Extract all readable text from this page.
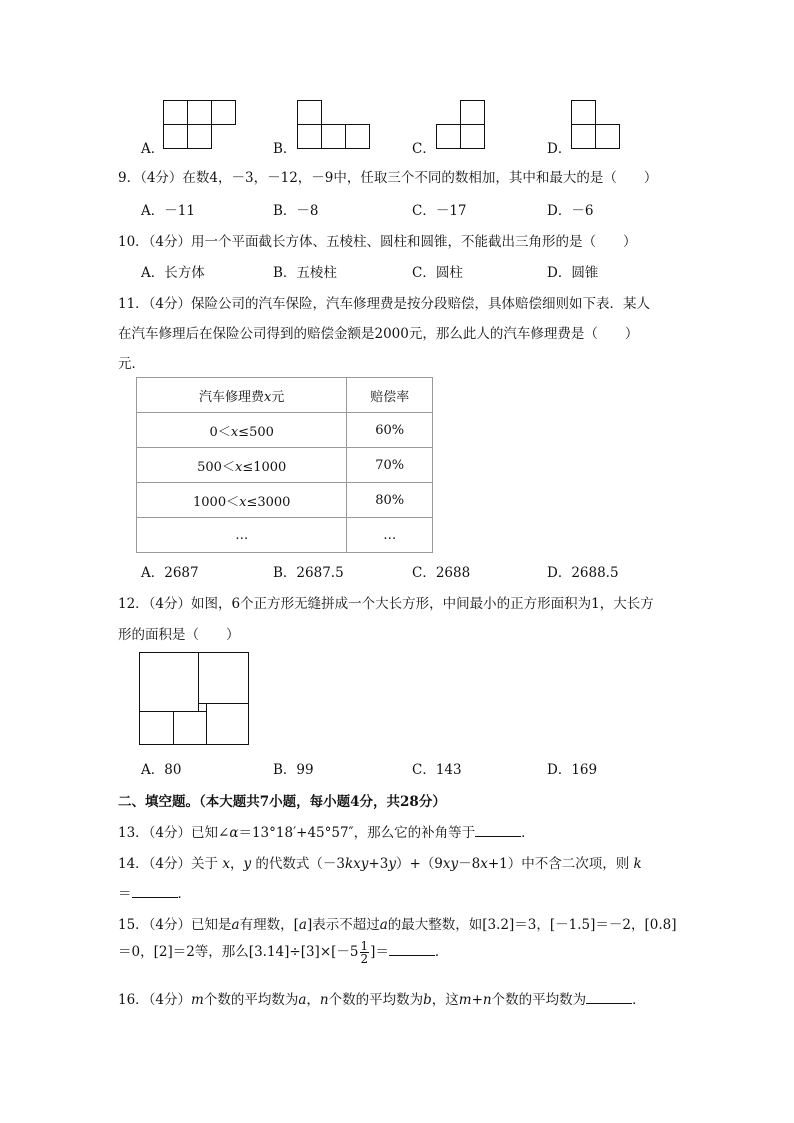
A．	B．	C．	D．
9．（4分）在数4，－3，－12，－9中，任取三个不同的数相加，其中和最大的是（　　）
A．－11	B．－8	C．－17	D．－6
10．（4分）用一个平面截长方体、五棱柱、圆柱和圆锥，不能截出三角形的是（　　）
A．长方体	B．五棱柱	C．圆柱	D．圆锥
11．（4分）保险公司的汽车保险，汽车修理费是按分段赔偿，具体赔偿细则如下表．某人
在汽车修理后在保险公司得到的赔偿金额是2000元，那么此人的汽车修理费是（　　）
元．
汽车修理费x元	赔偿率
0＜x≤500	60%
500＜x≤1000	70%
1000＜x≤3000	80%
…	…
A．2687	B．2687.5	C．2688	D．2688.5
12．（4分）如图，6个正方形无缝拼成一个大长方形，中间最小的正方形面积为1，大长方
形的面积是（　　）
A．80	B．99	C．143	D．169
二、填空题。（本大题共7小题，每小题4分，共28分）
13．（4分）已知∠α＝13°18′+45°57″，那么它的补角等于	．
14．（4分）关于 x，y 的代数式（－3kxy+3y）+（9xy－8x+1）中不含二次项，则 k
＝	．
15．（4分）已知是a有理数，[a]表示不超过a的最大整数，如[3.2]＝3，[－1.5]＝－2，[0.8]
＝0，[2]＝2等，那么$[3.14]\div[3]\times[-5 \frac{1}{2}$ ]＝	．
16．（4分）m个数的平均数为a，n个数的平均数为b，这m+n个数的平均数为	．
